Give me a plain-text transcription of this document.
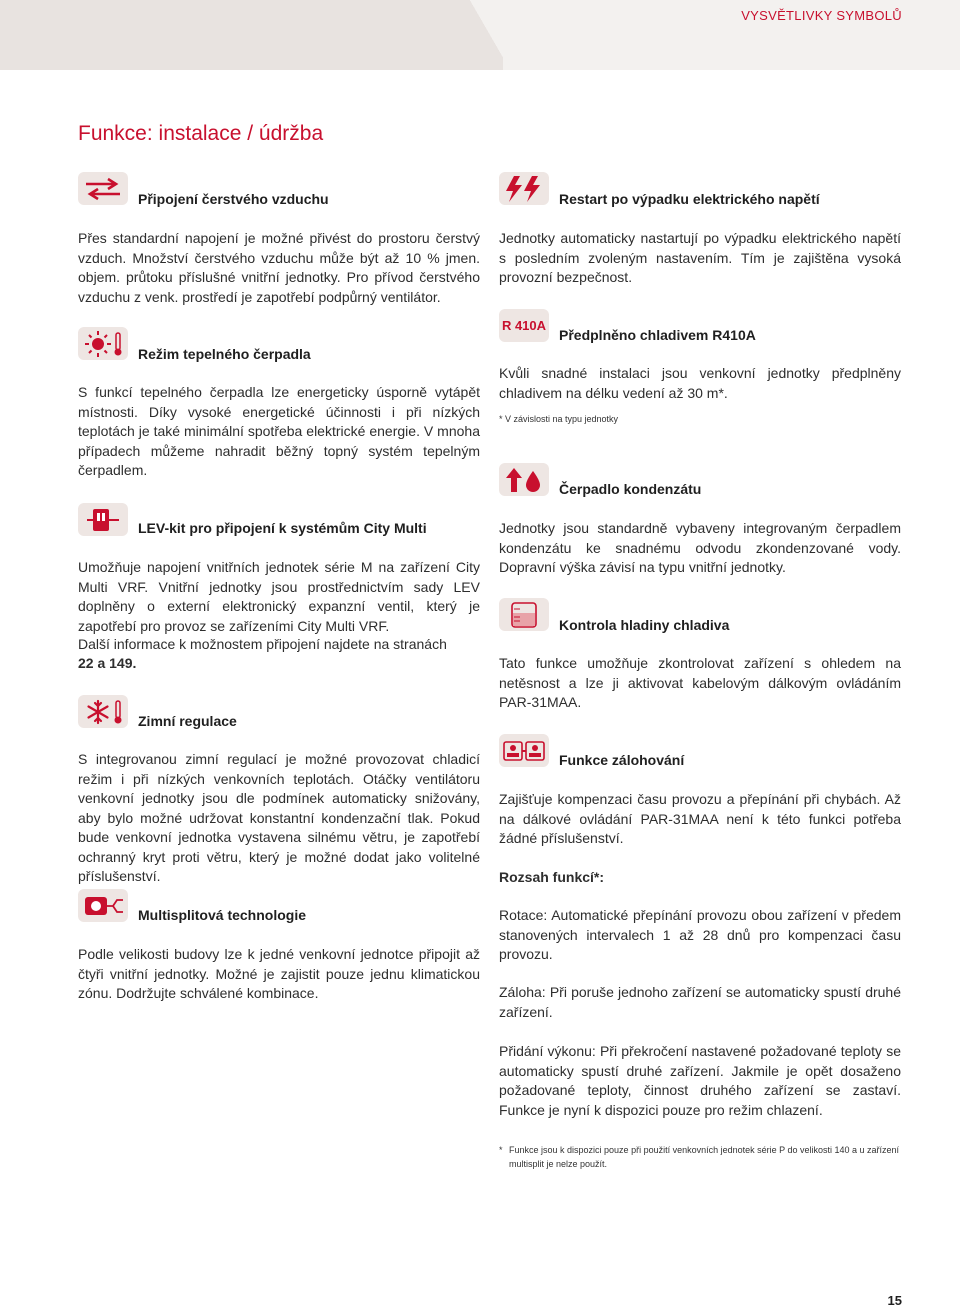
VYSVĚTLIVKY SYMBOLŮ
Funkce: instalace / údržba
Připojení čerstvého vzduchu
Přes standardní napojení je možné přivést do prostoru čerstvý vzduch. Množství čerstvého vzduchu může být až 10 % jmen. objem. průtoku příslušné vnitřní jednotky. Pro přívod čerstvého vzduchu z venk. prostředí je zapotřebí podpůrný ventilátor.
Režim tepelného čerpadla
S funkcí tepelného čerpadla lze energeticky úsporně vytápět místnosti. Díky vysoké energetické účinnosti i při nízkých teplotách je také minimální spotřeba elektrické energie. V mnoha případech můžeme nahradit běžný topný systém tepelným čerpadlem.
LEV-kit pro připojení k systémům City Multi
Umožňuje napojení vnitřních jednotek série M na zařízení City Multi VRF. Vnitřní jednotky jsou prostřednictvím sady LEV doplněny o externí elektronický expanzní ventil, který je zapotřebí pro provoz se zařízeními City Multi VRF.
Další informace k možnostem připojení najdete na stranách
22 a 149.
Zimní regulace
S integrovanou zimní regulací je možné provozovat chladicí režim i při nízkých venkovních teplotách. Otáčky ventilátoru venkovní jednotky jsou dle podmínek automaticky snižovány, aby bylo možné udržovat konstantní kondenzační tlak. Pokud bude venkovní jednotka vystavena silnému větru, je zapotřebí ochranný kryt proti větru, který je možné dodat jako volitelné příslušenství.
Multisplitová technologie
Podle velikosti budovy lze k jedné venkovní jednotce připojit až čtyři vnitřní jednotky. Možné je zajistit pouze jednu klimatickou zónu. Dodržujte schválené kombinace.
Restart po výpadku elektrického napětí
Jednotky automaticky nastartují po výpadku elektrického napětí s posledním zvoleným nastavením. Tím je zajištěna vysoká provozní bezpečnost.
R 410A
Předplněno chladivem R410A
Kvůli snadné instalaci jsou venkovní jednotky předplněny chladivem na délku vedení až 30 m*.
* V závislosti na typu jednotky
Čerpadlo kondenzátu
Jednotky jsou standardně vybaveny integrovaným čerpadlem kondenzátu ke snadnému odvodu zkondenzované vody. Dopravní výška závisí na typu vnitřní jednotky.
Kontrola hladiny chladiva
Tato funkce umožňuje zkontrolovat zařízení s ohledem na netěsnost a lze ji aktivovat kabelovým dálkovým ovládáním PAR-31MAA.
Funkce zálohování
Zajišťuje kompenzaci času provozu a přepínání při chybách. Až na dálkové ovládání PAR-31MAA není k této funkci potřeba žádné příslušenství.
Rozsah funkcí*:
Rotace: Automatické přepínání provozu obou zařízení v předem stanovených intervalech 1 až 28 dnů pro kompenzaci času provozu.
Záloha: Při poruše jednoho zařízení se automaticky spustí druhé zařízení.
Přidání výkonu: Při překročení nastavené požadované teploty se automaticky spustí druhé zařízení. Jakmile je opět dosaženo požadované teploty, činnost druhého zařízení se zastaví. Funkce je nyní k dispozici pouze pro režim chlazení.
* Funkce jsou k dispozici pouze při použití venkovních jednotek série P do velikosti 140 a u zařízení multisplit je nelze použít.
15
